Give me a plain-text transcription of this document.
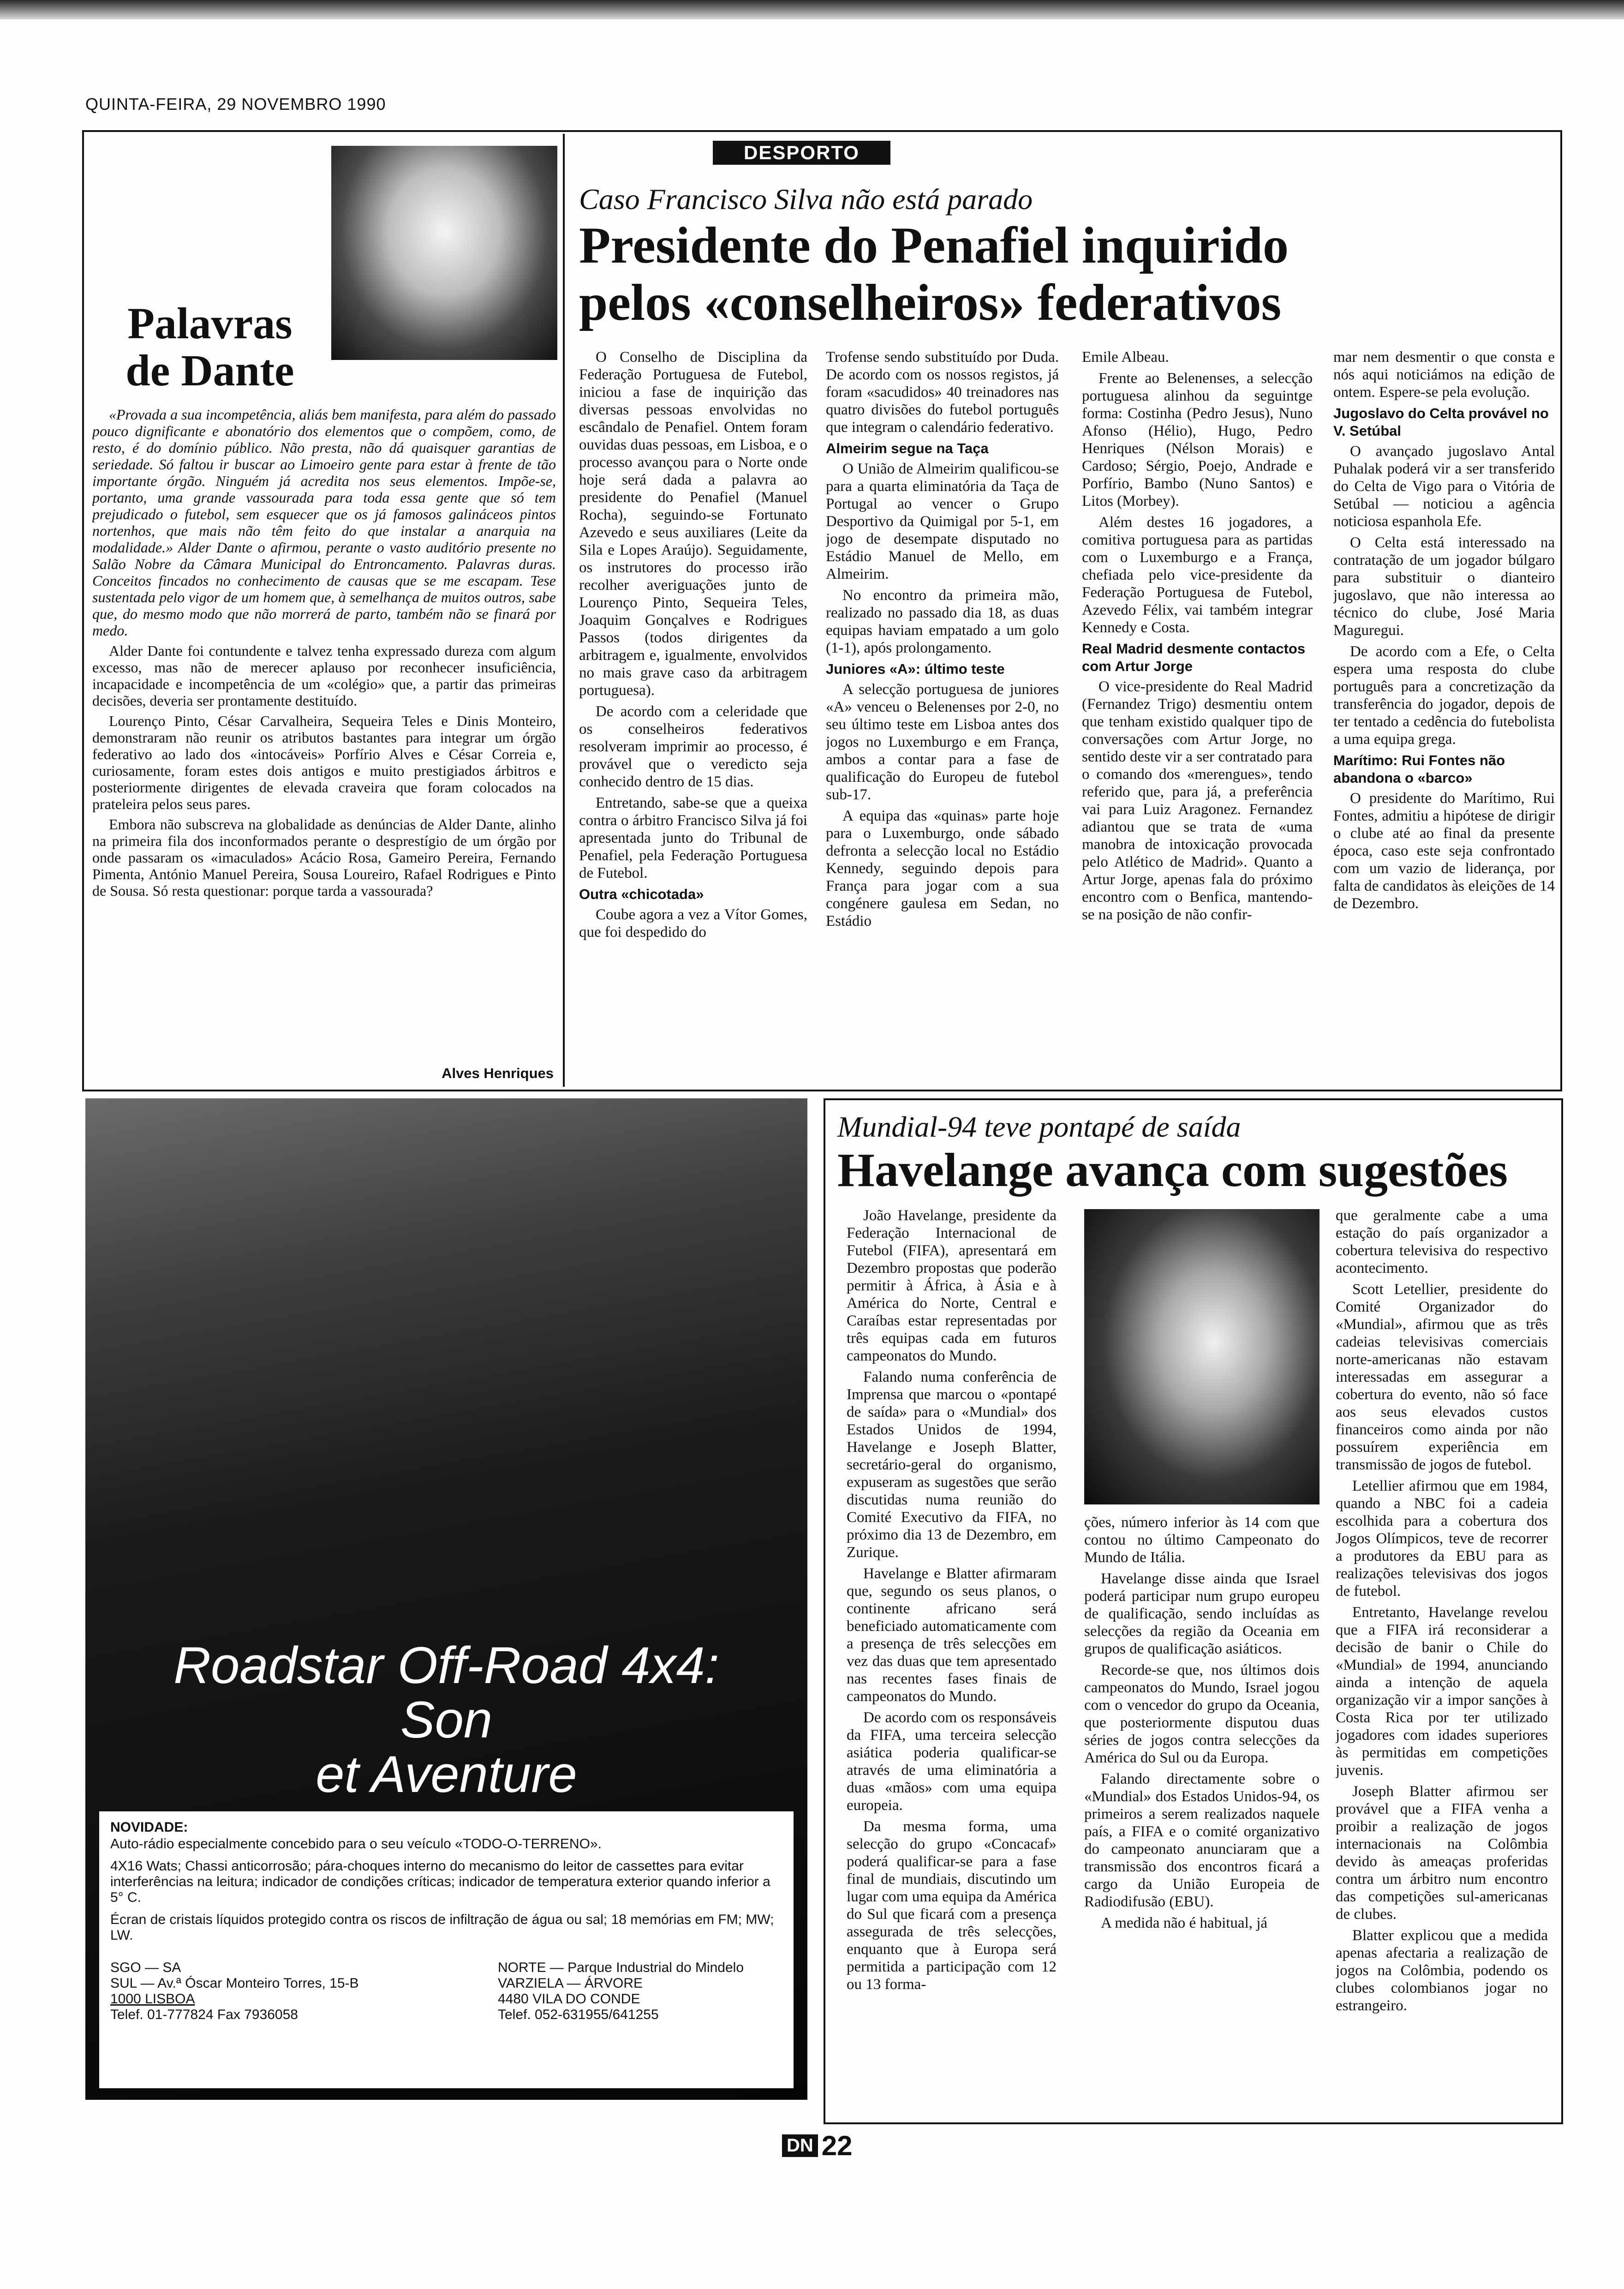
QUINTA-FEIRA, 29 NOVEMBRO 1990
DESPORTO
Palavras
de Dante

«Provada a sua incompetência, aliás bem manifesta, para além do passado pouco dignificante e abonatório dos elementos que o compõem, como, de resto, é do domínio público. Não presta, não dá quaisquer garantias de seriedade. Só faltou ir buscar ao Limoeiro gente para estar à frente de tão importante órgão. Ninguém já acredita nos seus elementos. Impõe-se, portanto, uma grande vassourada para toda essa gente que só tem prejudicado o futebol, sem esquecer que os já famosos galináceos pintos nortenhos, que mais não têm feito do que instalar a anarquia na modalidade.» Alder Dante o afirmou, perante o vasto auditório presente no Salão Nobre da Câmara Municipal do Entroncamento. Palavras duras. Conceitos fincados no conhecimento de causas que se me escapam. Tese sustentada pelo vigor de um homem que, à semelhança de muitos outros, sabe que, do mesmo modo que não morrerá de parto, também não se finará por medo.

Alder Dante foi contundente e talvez tenha expressado dureza com algum excesso, mas não de merecer aplauso por reconhecer insuficiência, incapacidade e incompetência de um «colégio» que, a partir das primeiras decisões, deveria ser prontamente destituído.

Lourenço Pinto, César Carvalheira, Sequeira Teles e Dinis Monteiro, demonstraram não reunir os atributos bastantes para integrar um órgão federativo ao lado dos «intocáveis» Porfírio Alves e César Correia e, curiosamente, foram estes dois antigos e muito prestigiados árbitros e posteriormente dirigentes de elevada craveira que foram colocados na prateleira pelos seus pares.

Embora não subscreva na globalidade as denúncias de Alder Dante, alinho na primeira fila dos inconformados perante o desprestígio de um órgão por onde passaram os «imaculados» Acácio Rosa, Gameiro Pereira, Fernando Pimenta, António Manuel Pereira, Sousa Loureiro, Rafael Rodrigues e Pinto de Sousa. Só resta questionar: porque tarda a vassourada?

Alves Henriques
Caso Francisco Silva não está parado
Presidente do Penafiel inquirido
pelos «conselheiros» federativos

O Conselho de Disciplina da Federação Portuguesa de Futebol, iniciou a fase de inquirição das diversas pessoas envolvidas no escândalo de Penafiel. Ontem foram ouvidas duas pessoas, em Lisboa, e o processo avançou para o Norte onde hoje será dada a palavra ao presidente do Penafiel (Manuel Rocha), seguindo-se Fortunato Azevedo e seus auxiliares (Leite da Sila e Lopes Araújo). Seguidamente, os instrutores do processo irão recolher averiguações junto de Lourenço Pinto, Sequeira Teles, Joaquim Gonçalves e Rodrigues Passos (todos dirigentes da arbitragem e, igualmente, envolvidos no mais grave caso da arbitragem portuguesa).

De acordo com a celeridade que os conselheiros federativos resolveram imprimir ao processo, é provável que o veredicto seja conhecido dentro de 15 dias.

Entretando, sabe-se que a queixa contra o árbitro Francisco Silva já foi apresentada junto do Tribunal de Penafiel, pela Federação Portuguesa de Futebol.

Outra «chicotada»

Coube agora a vez a Vítor Gomes, que foi despedido do

Trofense sendo substituído por Duda. De acordo com os nossos registos, já foram «sacudidos» 40 treinadores nas quatro divisões do futebol português que integram o calendário federativo.

Almeirim segue na Taça

O União de Almeirim qualificou-se para a quarta eliminatória da Taça de Portugal ao vencer o Grupo Desportivo da Quimigal por 5-1, em jogo de desempate disputado no Estádio Manuel de Mello, em Almeirim.

No encontro da primeira mão, realizado no passado dia 18, as duas equipas haviam empatado a um golo (1-1), após prolongamento.

Juniores «A»: último teste

A selecção portuguesa de juniores «A» venceu o Belenenses por 2-0, no seu último teste em Lisboa antes dos jogos no Luxemburgo e em França, ambos a contar para a fase de qualificação do Europeu de futebol sub-17.

A equipa das «quinas» parte hoje para o Luxemburgo, onde sábado defronta a selecção local no Estádio Kennedy, seguindo depois para França para jogar com a sua congénere gaulesa em Sedan, no Estádio

Emile Albeau.

Frente ao Belenenses, a selecção portuguesa alinhou da seguintge forma: Costinha (Pedro Jesus), Nuno Afonso (Hélio), Hugo, Pedro Henriques (Nélson Morais) e Cardoso; Sérgio, Poejo, Andrade e Porfírio, Bambo (Nuno Santos) e Litos (Morbey).

Além destes 16 jogadores, a comitiva portuguesa para as partidas com o Luxemburgo e a França, chefiada pelo vice-presidente da Federação Portuguesa de Futebol, Azevedo Félix, vai também integrar Kennedy e Costa.

Real Madrid desmente contactos com Artur Jorge

O vice-presidente do Real Madrid (Fernandez Trigo) desmentiu ontem que tenham existido qualquer tipo de conversações com Artur Jorge, no sentido deste vir a ser contratado para o comando dos «merengues», tendo referido que, para já, a preferência vai para Luiz Aragonez. Fernandez adiantou que se trata de «uma manobra de intoxicação provocada pelo Atlético de Madrid». Quanto a Artur Jorge, apenas fala do próximo encontro com o Benfica, mantendo-se na posição de não confir-

mar nem desmentir o que consta e nós aqui noticiámos na edição de ontem. Espere-se pela evolução.

Jugoslavo do Celta provável no V. Setúbal

O avançado jugoslavo Antal Puhalak poderá vir a ser transferido do Celta de Vigo para o Vitória de Setúbal — noticiou a agência noticiosa espanhola Efe.

O Celta está interessado na contratação de um jogador búlgaro para substituir o dianteiro jugoslavo, que não interessa ao técnico do clube, José Maria Maguregui.

De acordo com a Efe, o Celta espera uma resposta do clube português para a concretização da transferência do jogador, depois de ter tentado a cedência do futebolista a uma equipa grega.

Marítimo: Rui Fontes não abandona o «barco»

O presidente do Marítimo, Rui Fontes, admitiu a hipótese de dirigir o clube até ao final da presente época, caso este seja confrontado com um vazio de liderança, por falta de candidatos às eleições de 14 de Dezembro.

Roadstar Off-Road 4x4:
Son
et Aventure

NOVIDADE:

Auto-rádio especialmente concebido para o seu veículo «TODO-O-TERRENO».

4X16 Wats; Chassi anticorrosão; pára-choques interno do mecanismo do leitor de cassettes para evitar interferências na leitura; indicador de condições críticas; indicador de temperatura exterior quando inferior a 5° C.

Écran de cristais líquidos protegido contra os riscos de infiltração de água ou sal; 18 memórias em FM; MW; LW.

SGO — SA
SUL — Av.ª Óscar Monteiro Torres, 15-B
1000 LISBOA
Telef. 01-777824 Fax 7936058
NORTE — Parque Industrial do Mindelo
VARZIELA — ÁRVORE
4480 VILA DO CONDE
Telef. 052-631955/641255
Mundial-94 teve pontapé de saída
Havelange avança com sugestões

João Havelange, presidente da Federação Internacional de Futebol (FIFA), apresentará em Dezembro propostas que poderão permitir à África, à Ásia e à América do Norte, Central e Caraíbas estar representadas por três equipas cada em futuros campeonatos do Mundo.

Falando numa conferência de Imprensa que marcou o «pontapé de saída» para o «Mundial» dos Estados Unidos de 1994, Havelange e Joseph Blatter, secretário-geral do organismo, expuseram as sugestões que serão discutidas numa reunião do Comité Executivo da FIFA, no próximo dia 13 de Dezembro, em Zurique.

Havelange e Blatter afirmaram que, segundo os seus planos, o continente africano será beneficiado automaticamente com a presença de três selecções em vez das duas que tem apresentado nas recentes fases finais de campeonatos do Mundo.

De acordo com os responsáveis da FIFA, uma terceira selecção asiática poderia qualificar-se através de uma eliminatória a duas «mãos» com uma equipa europeia.

Da mesma forma, uma selecção do grupo «Concacaf» poderá qualificar-se para a fase final de mundiais, discutindo um lugar com uma equipa da América do Sul que ficará com a presença assegurada de três selecções, enquanto que à Europa será permitida a participação com 12 ou 13 forma-

ções, número inferior às 14 com que contou no último Campeonato do Mundo de Itália.

Havelange disse ainda que Israel poderá participar num grupo europeu de qualificação, sendo incluídas as selecções da região da Oceania em grupos de qualificação asiáticos.

Recorde-se que, nos últimos dois campeonatos do Mundo, Israel jogou com o vencedor do grupo da Oceania, que posteriormente disputou duas séries de jogos contra selecções da América do Sul ou da Europa.

Falando directamente sobre o «Mundial» dos Estados Unidos-94, os primeiros a serem realizados naquele país, a FIFA e o comité organizativo do campeonato anunciaram que a transmissão dos encontros ficará a cargo da União Europeia de Radiodifusão (EBU).

A medida não é habitual, já

que geralmente cabe a uma estação do país organizador a cobertura televisiva do respectivo acontecimento.

Scott Letellier, presidente do Comité Organizador do «Mundial», afirmou que as três cadeias televisivas comerciais norte-americanas não estavam interessadas em assegurar a cobertura do evento, não só face aos seus elevados custos financeiros como ainda por não possuírem experiência em transmissão de jogos de futebol.

Letellier afirmou que em 1984, quando a NBC foi a cadeia escolhida para a cobertura dos Jogos Olímpicos, teve de recorrer a produtores da EBU para as realizações televisivas dos jogos de futebol.

Entretanto, Havelange revelou que a FIFA irá reconsiderar a decisão de banir o Chile do «Mundial» de 1994, anunciando ainda a intenção de aquela organização vir a impor sanções à Costa Rica por ter utilizado jogadores com idades superiores às permitidas em competições juvenis.

Joseph Blatter afirmou ser provável que a FIFA venha a proibir a realização de jogos internacionais na Colômbia devido às ameaças proferidas contra um árbitro num encontro das competições sul-americanas de clubes.

Blatter explicou que a medida apenas afectaria a realização de jogos na Colômbia, podendo os clubes colombianos jogar no estrangeiro.

DN 22
